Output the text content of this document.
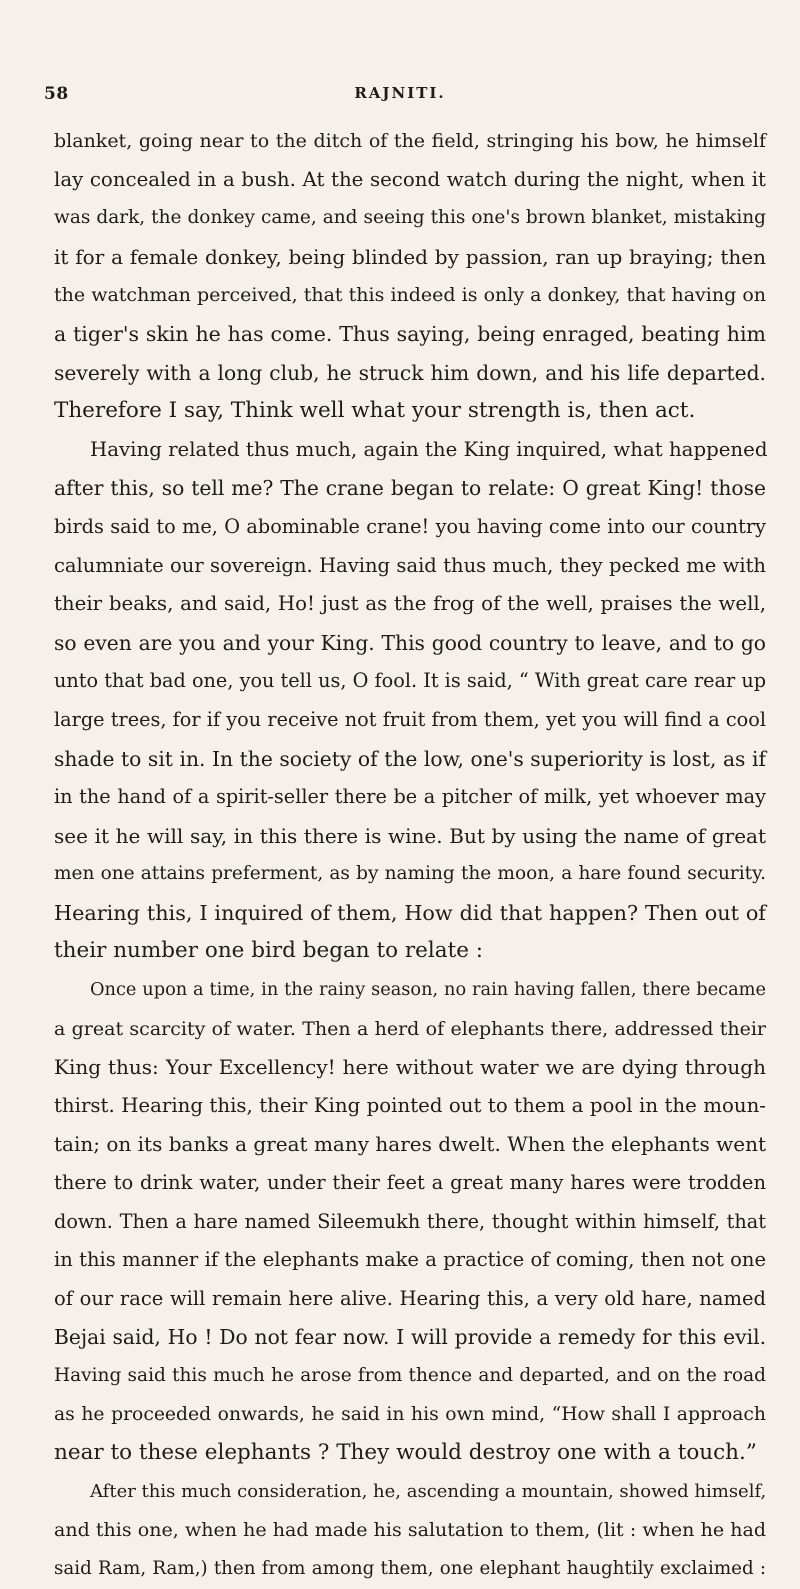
58	RAJNITI.
blanket, going near to the ditch of the field, stringing his bow, he himself
lay concealed in a bush. At the second watch during the night, when it
was dark, the donkey came, and seeing this one's brown blanket, mistaking
it for a female donkey, being blinded by passion, ran up braying; then
the watchman perceived, that this indeed is only a donkey, that having on
a tiger's skin he has come. Thus saying, being enraged, beating him
severely with a long club, he struck him down, and his life departed.
Therefore I say, Think well what your strength is, then act.
Having related thus much, again the King inquired, what happened
after this, so tell me? The crane began to relate: O great King! those
birds said to me, O abominable crane! you having come into our country
calumniate our sovereign. Having said thus much, they pecked me with
their beaks, and said, Ho! just as the frog of the well, praises the well,
so even are you and your King. This good country to leave, and to go
unto that bad one, you tell us, O fool. It is said, “ With great care rear up
large trees, for if you receive not fruit from them, yet you will find a cool
shade to sit in. In the society of the low, one's superiority is lost, as if
in the hand of a spirit-seller there be a pitcher of milk, yet whoever may
see it he will say, in this there is wine. But by using the name of great
men one attains preferment, as by naming the moon, a hare found security.
Hearing this, I inquired of them, How did that happen? Then out of
their number one bird began to relate :
Once upon a time, in the rainy season, no rain having fallen, there became
a great scarcity of water. Then a herd of elephants there, addressed their
King thus: Your Excellency! here without water we are dying through
thirst. Hearing this, their King pointed out to them a pool in the moun-
tain; on its banks a great many hares dwelt. When the elephants went
there to drink water, under their feet a great many hares were trodden
down. Then a hare named Sileemukh there, thought within himself, that
in this manner if the elephants make a practice of coming, then not one
of our race will remain here alive. Hearing this, a very old hare, named
Bejai said, Ho ! Do not fear now. I will provide a remedy for this evil.
Having said this much he arose from thence and departed, and on the road
as he proceeded onwards, he said in his own mind, “How shall I approach
near to these elephants ? They would destroy one with a touch.”
After this much consideration, he, ascending a mountain, showed himself,
and this one, when he had made his salutation to them, (lit : when he had
said Ram, Ram,) then from among them, one elephant haughtily exclaimed :
